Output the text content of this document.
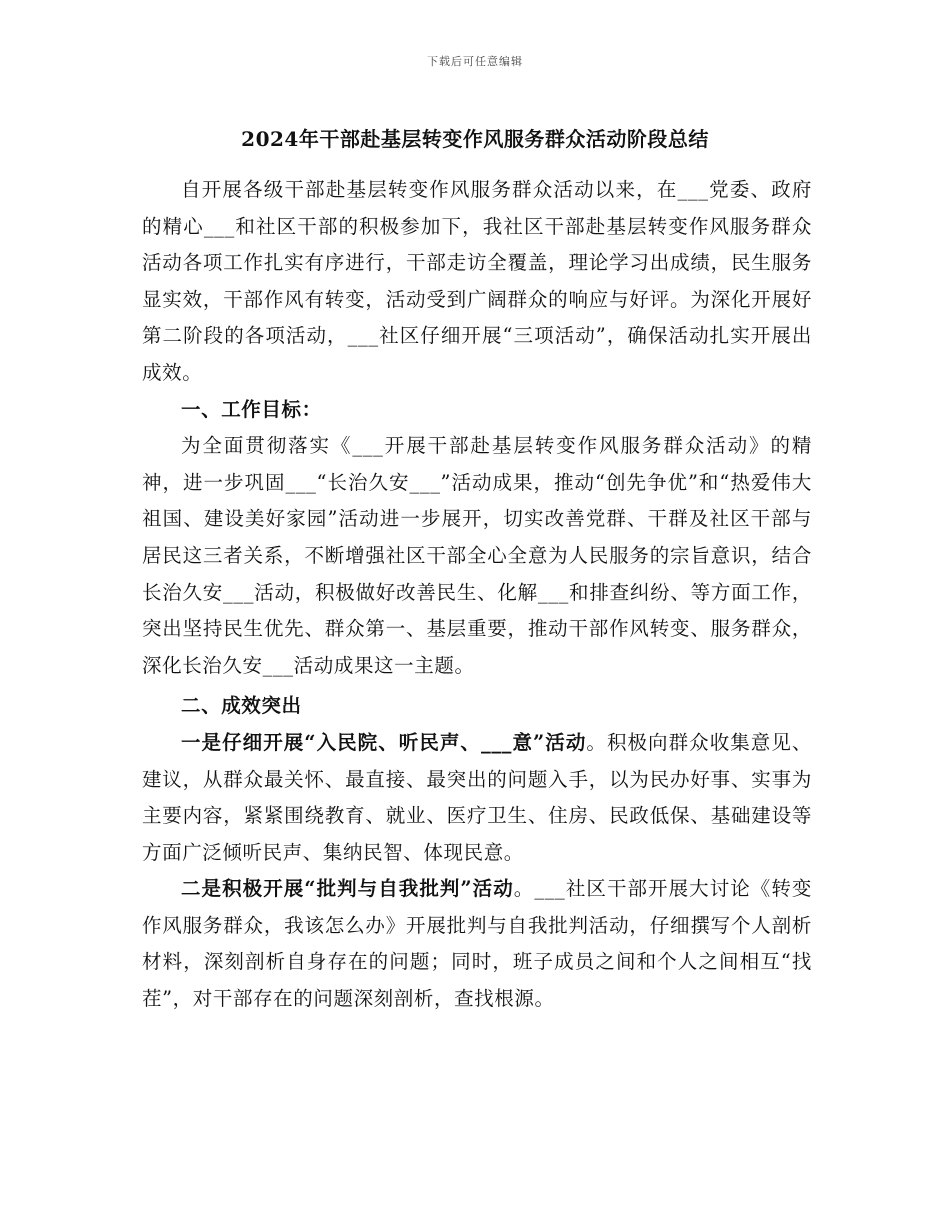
下载后可任意编辑
2024年干部赴基层转变作风服务群众活动阶段总结

自开展各级干部赴基层转变作风服务群众活动以来，在___党委、政府的精心___和社区干部的积极参加下，我社区干部赴基层转变作风服务群众活动各项工作扎实有序进行，干部走访全覆盖，理论学习出成绩，民生服务显实效，干部作风有转变，活动受到广阔群众的响应与好评。为深化开展好第二阶段的各项活动，___社区仔细开展“三项活动”，确保活动扎实开展出成效。

一、工作目标：

为全面贯彻落实《___开展干部赴基层转变作风服务群众活动》的精神，进一步巩固___“长治久安___”活动成果，推动“创先争优”和“热爱伟大祖国、建设美好家园”活动进一步展开，切实改善党群、干群及社区干部与居民这三者关系，不断增强社区干部全心全意为人民服务的宗旨意识，结合长治久安___活动，积极做好改善民生、化解___和排查纠纷、等方面工作，突出坚持民生优先、群众第一、基层重要，推动干部作风转变、服务群众，深化长治久安___活动成果这一主题。

二、成效突出

一是仔细开展“入民院、听民声、___意”活动。积极向群众收集意见、建议，从群众最关怀、最直接、最突出的问题入手，以为民办好事、实事为主要内容，紧紧围绕教育、就业、医疗卫生、住房、民政低保、基础建设等方面广泛倾听民声、集纳民智、体现民意。

二是积极开展“批判与自我批判”活动。___社区干部开展大讨论《转变作风服务群众，我该怎么办》开展批判与自我批判活动，仔细撰写个人剖析材料，深刻剖析自身存在的问题；同时，班子成员之间和个人之间相互“找茬”，对干部存在的问题深刻剖析，查找根源。
